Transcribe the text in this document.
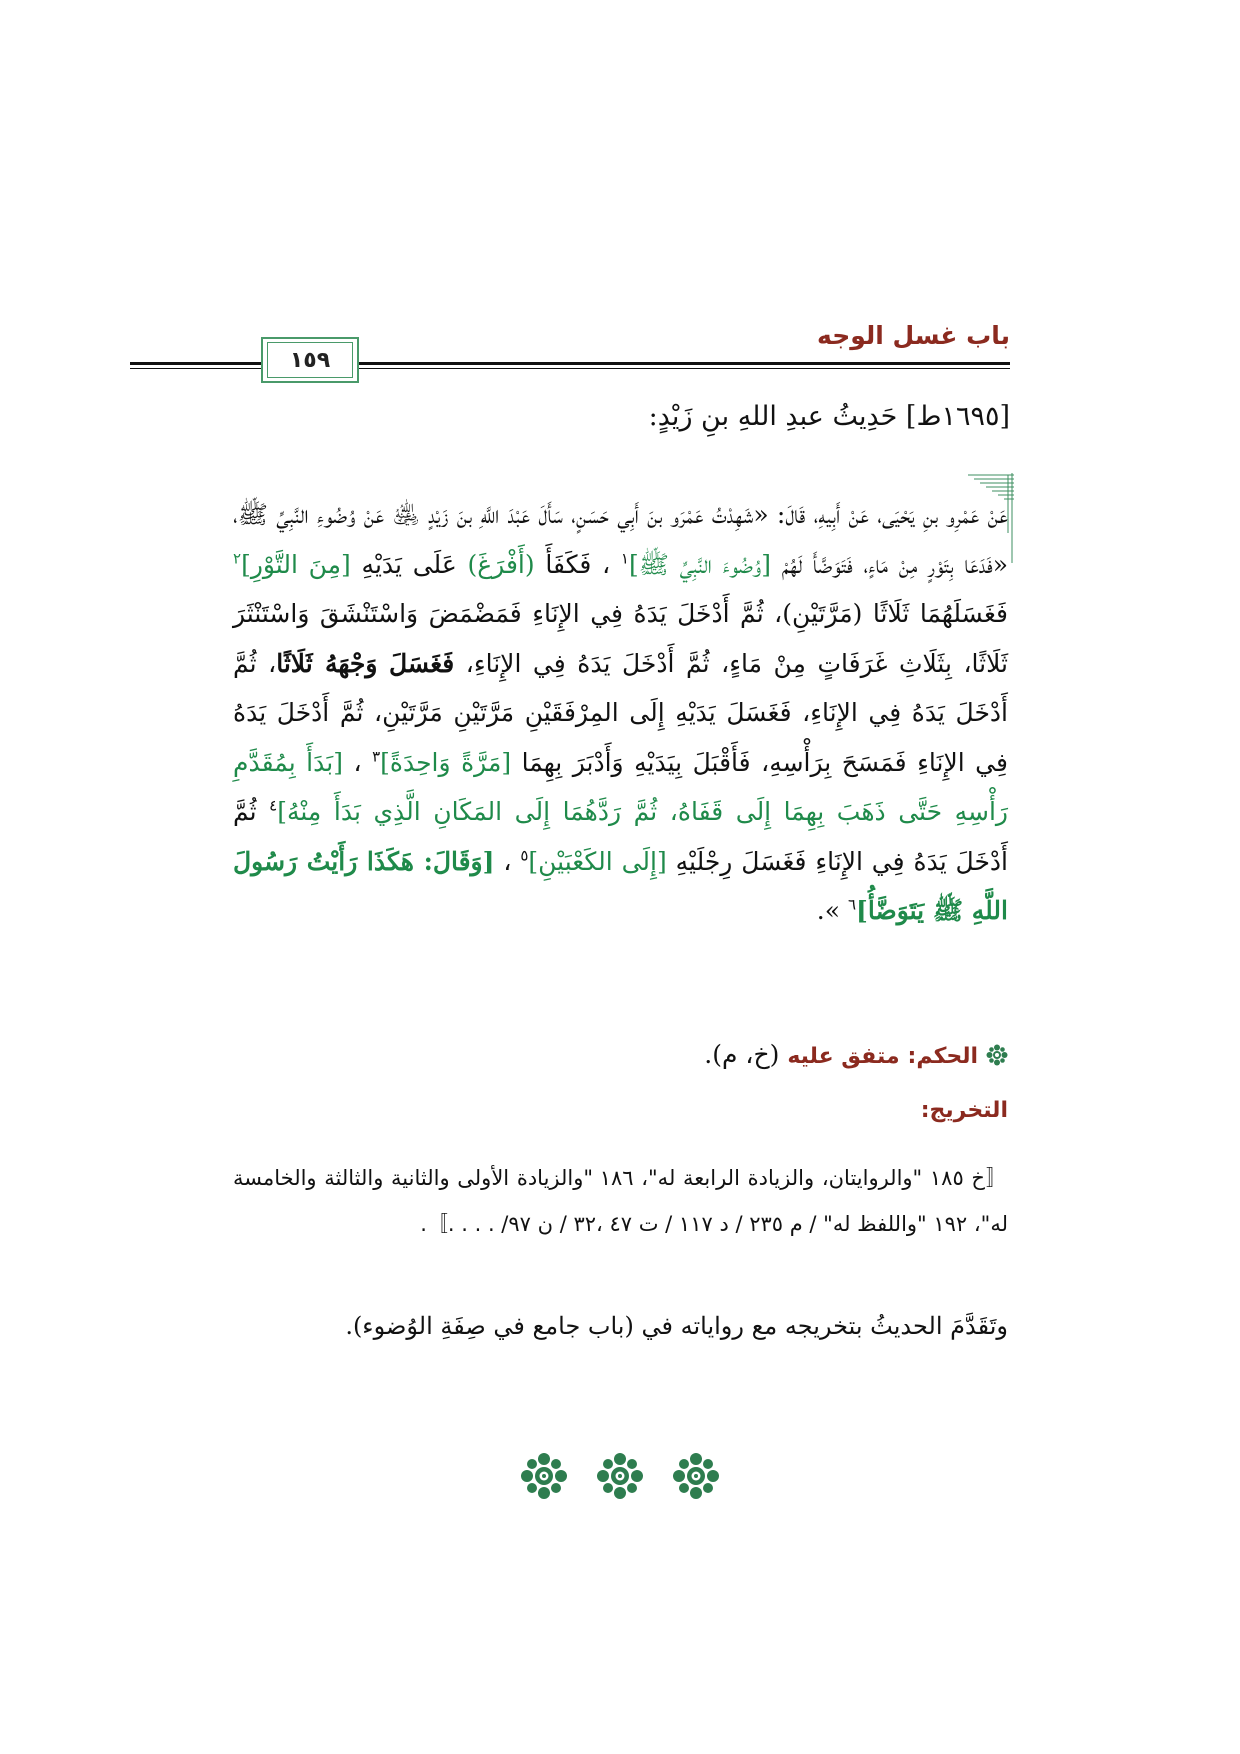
باب غسل الوجه
١٥٩
[١٦٩٥ط] حَدِيثُ عبدِ اللهِ بنِ زَيْدٍ:
عَنْ عَمْرِو بنِ يَحْيَى، عَنْ أَبِيهِ، قَالَ: «شَهِدْتُ عَمْرَو بنَ أَبِي حَسَنٍ، سَأَلَ عَبْدَ اللَّهِ بنَ زَيْدٍ ﵁ عَنْ وُضُوءِ النَّبِيِّ ﷺ، «فَدَعَا بِتَوْرٍ مِنْ مَاءٍ، فَتَوَضَّأَ لَهُمْ [وُضُوءَ النَّبِيِّ ﷺ]$^١$ ، فَكَفَأَ (أَفْرَغَ) عَلَى يَدَيْهِ [مِنَ التَّوْرِ]$^٢$ فَغَسَلَهُمَا ثَلَاثًا (مَرَّتَيْنِ)، ثُمَّ أَدْخَلَ يَدَهُ فِي الإِنَاءِ فَمَضْمَضَ وَاسْتَنْشَقَ وَاسْتَنْثَرَ ثَلَاثًا، بِثَلَاثِ غَرَفَاتٍ مِنْ مَاءٍ، ثُمَّ أَدْخَلَ يَدَهُ فِي الإِنَاءِ، فَغَسَلَ وَجْهَهُ ثَلَاثًا، ثُمَّ أَدْخَلَ يَدَهُ فِي الإِنَاءِ، فَغَسَلَ يَدَيْهِ إِلَى المِرْفَقَيْنِ مَرَّتَيْنِ مَرَّتَيْنِ، ثُمَّ أَدْخَلَ يَدَهُ فِي الإِنَاءِ فَمَسَحَ بِرَأْسِهِ، فَأَقْبَلَ بِيَدَيْهِ وَأَدْبَرَ بِهِمَا [مَرَّةً وَاحِدَةً]$^٣$ ، [بَدَأَ بِمُقَدَّمِ رَأْسِهِ حَتَّى ذَهَبَ بِهِمَا إِلَى قَفَاهُ، ثُمَّ رَدَّهُمَا إِلَى المَكَانِ الَّذِي بَدَأَ مِنْهُ]$^٤$ ثُمَّ أَدْخَلَ يَدَهُ فِي الإِنَاءِ فَغَسَلَ رِجْلَيْهِ [إِلَى الكَعْبَيْنِ]$^٥$ ، [وَقَالَ: هَكَذَا رَأَيْتُ رَسُولَ اللَّهِ ﷺ يَتَوَضَّأُ]$^٦$ ».
الحكم: متفق عليه (خ، م).
التخريج:
〚خ ١٨٥ "والروايتان، والزيادة الرابعة له"، ١٨٦ "والزيادة الأولى والثانية والثالثة والخامسة له"، ١٩٢ "واللفظ له" / م ٢٣٥ / د ١١٧ / ت ٤٧ ،٣٢ / ن ٩٧/ . . . .〛.
وتَقَدَّمَ الحديثُ بتخريجه مع رواياته في (باب جامع في صِفَةِ الوُضوء).
